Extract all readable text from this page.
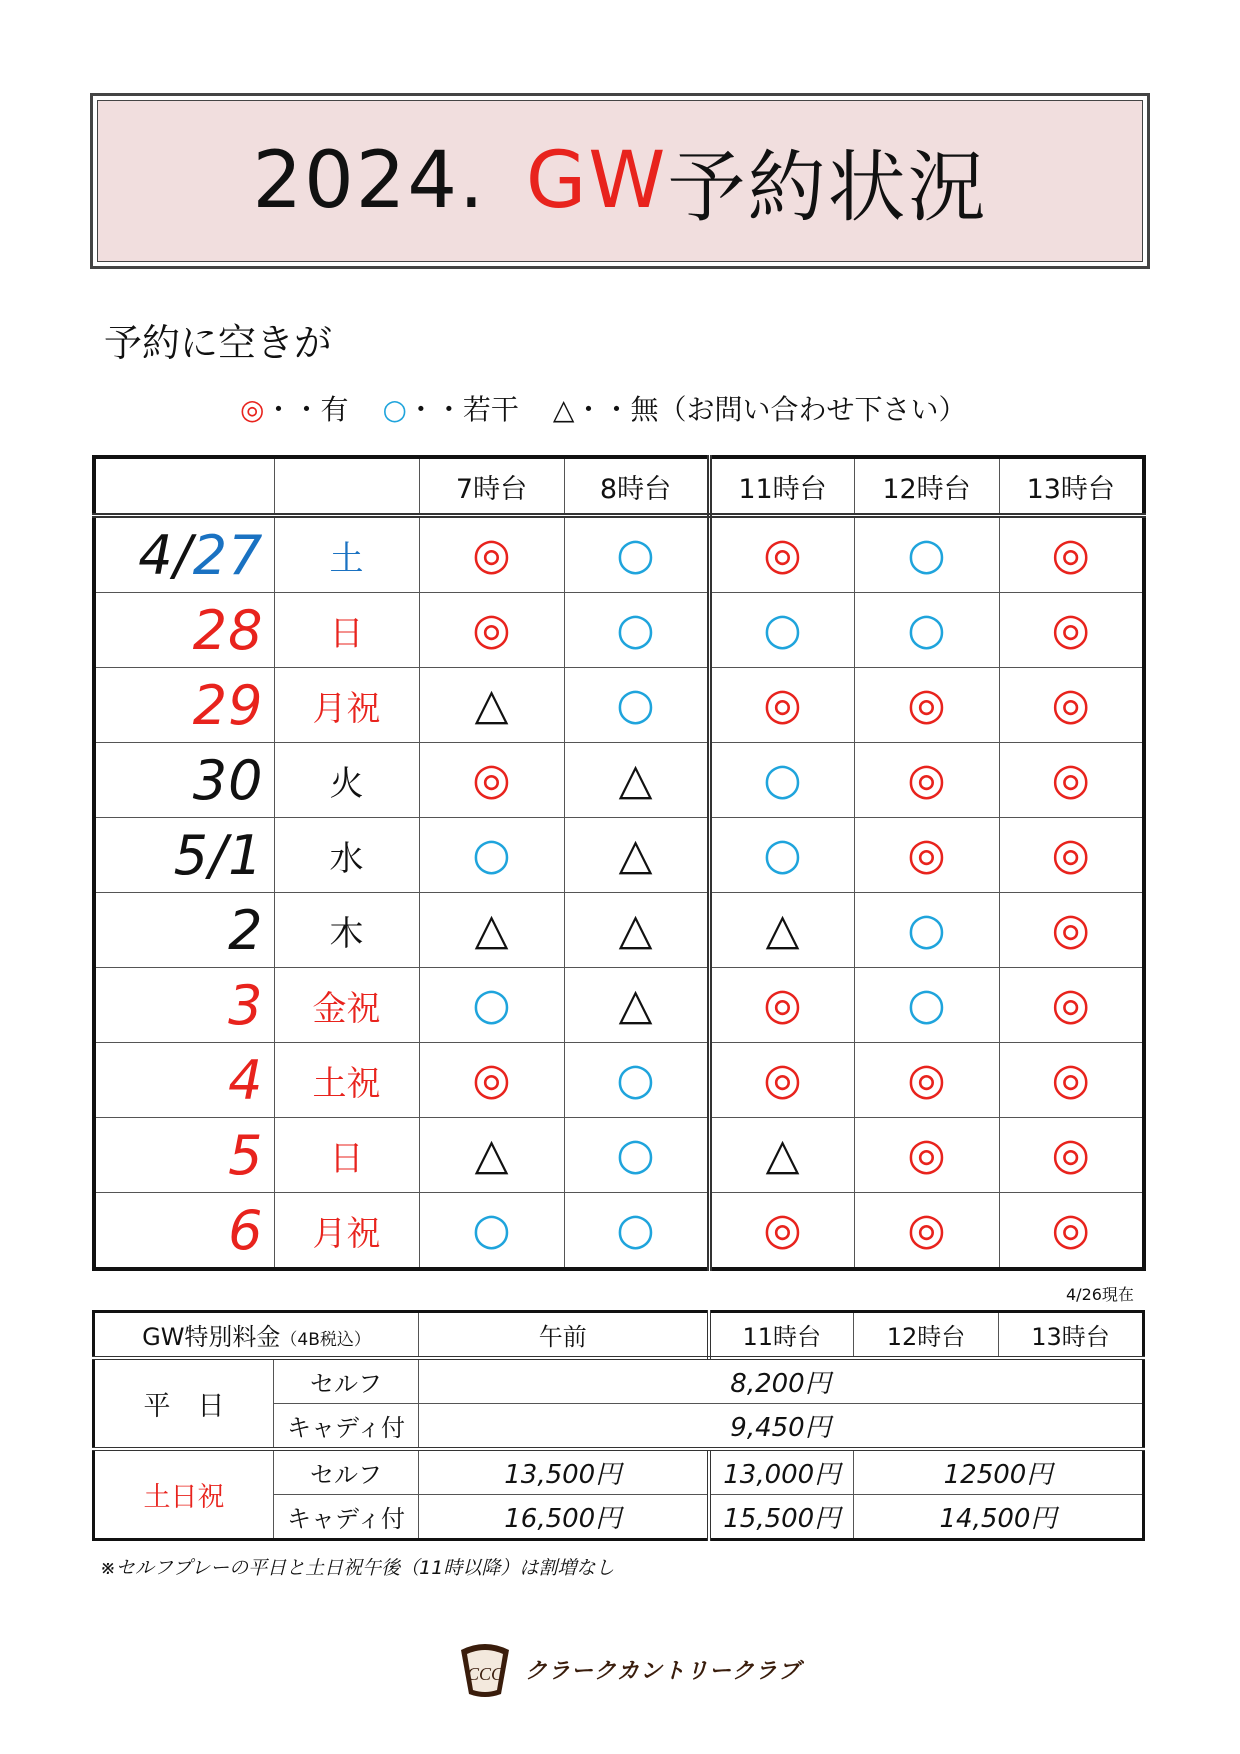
2024. GW 予約状況
予約に空きが
◎・・有 ○・・若干 △・・無（お問い合わせ下さい）
		7時台	8時台	11時台	12時台	13時台
4/27	土	◎	○	◎	○	◎
28	日	◎	○	○	○	◎
29	月祝	△	○	◎	◎	◎
30	火	◎	△	○	◎	◎
5/1	水	○	△	○	◎	◎
2	木	△	△	△	○	◎
3	金祝	○	△	◎	○	◎
4	土祝	◎	○	◎	◎	◎
5	日	△	○	△	◎	◎
6	月祝	○	○	◎	◎	◎
4/26現在
GW特別料金（4B税込）		午前	11時台	12時台	13時台
平　日	セルフ	8,200円			
	キャディ付	9,450円			
土日祝	セルフ	13,500円	13,000円	12500円	
	キャディ付	16,500円	15,500円	14,500円	
※セルフプレーの平日と土日祝午後（11時以降）は割増なし
CCC クラークカントリークラブ
